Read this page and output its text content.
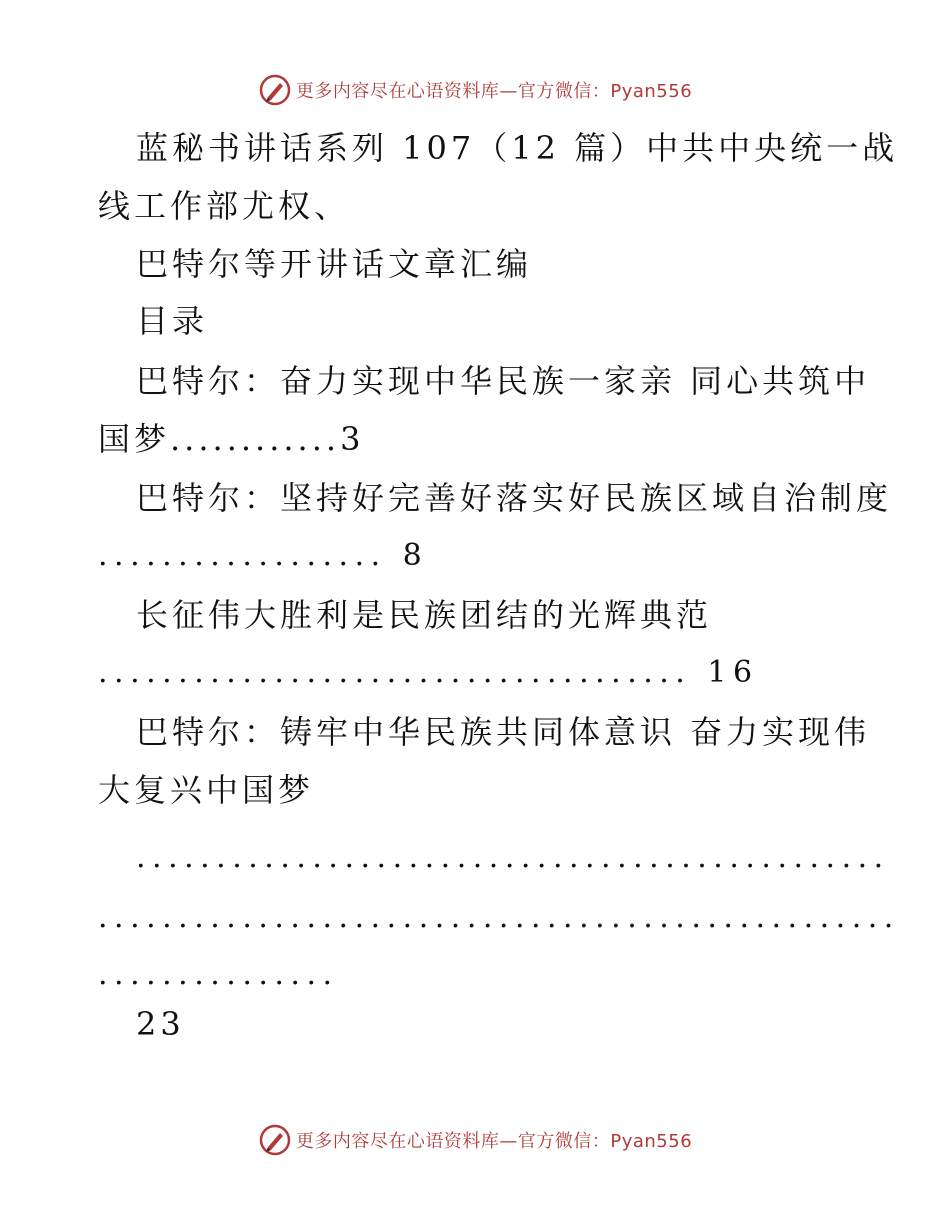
更多内容尽在心语资料库—官方微信：Pyan556
蓝秘书讲话系列 107（12 篇）中共中央统一战
线工作部尤权、
巴特尔等开讲话文章汇编
目录
巴特尔：奋力实现中华民族一家亲 同心共筑中
国梦............3
巴特尔：坚持好完善好落实好民族区域自治制度
.................. 8
长征伟大胜利是民族团结的光辉典范
..................................... 16
巴特尔：铸牢中华民族共同体意识 奋力实现伟
大复兴中国梦
...............................................
..................................................
...............
23
更多内容尽在心语资料库—官方微信：Pyan556
